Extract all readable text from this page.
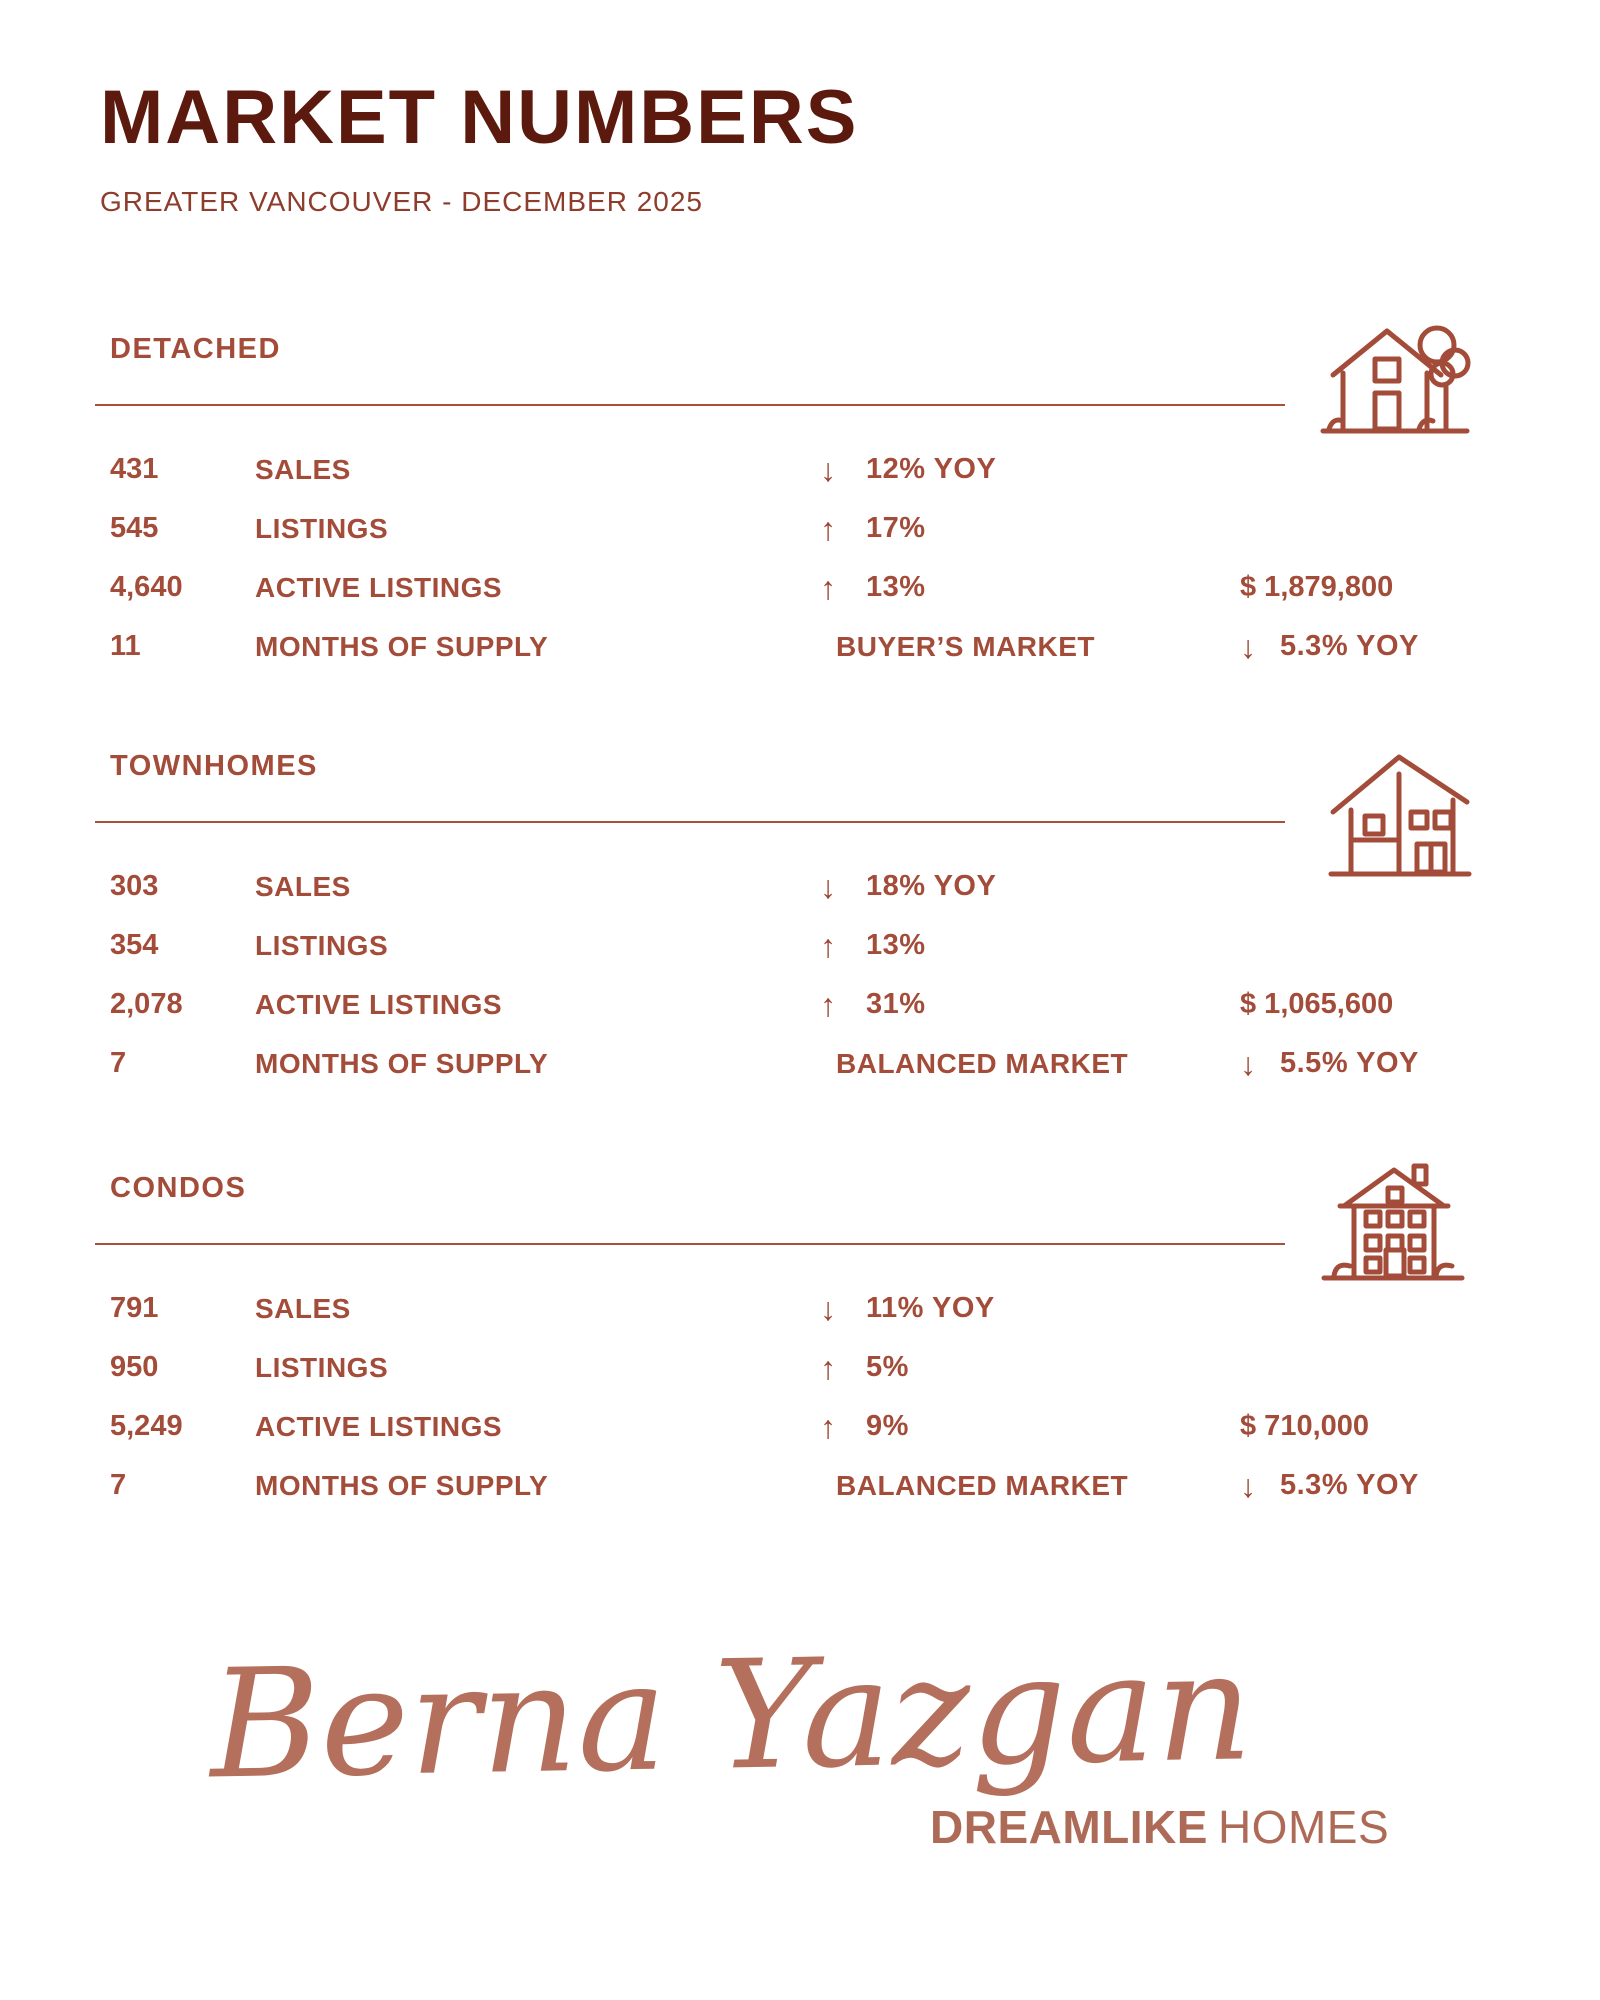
MARKET NUMBERS
GREATER VANCOUVER - DECEMBER 2025
DETACHED
431	SALES	↓ 12% YOY
545	LISTINGS	↑ 17%
4,640	ACTIVE LISTINGS	↑ 13%	$ 1,879,800
11	MONTHS OF SUPPLY	BUYER’S MARKET	↓ 5.3% YOY
TOWNHOMES
303	SALES	↓ 18% YOY
354	LISTINGS	↑ 13%
2,078	ACTIVE LISTINGS	↑ 31%	$ 1,065,600
7	MONTHS OF SUPPLY	BALANCED MARKET	↓ 5.5% YOY
CONDOS
791	SALES	↓ 11% YOY
950	LISTINGS	↑ 5%
5,249	ACTIVE LISTINGS	↑ 9%	$ 710,000
7	MONTHS OF SUPPLY	BALANCED MARKET	↓ 5.3% YOY
Berna Yazgan
DREAMLIKE HOMES
